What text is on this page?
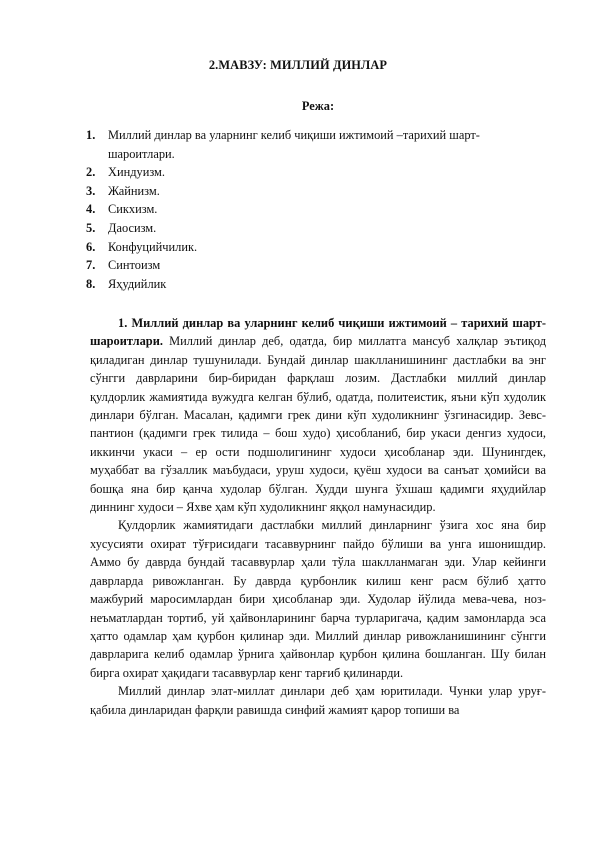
2.МАВЗУ: МИЛЛИЙ ДИНЛАР
Режа:
1.	Миллий динлар ва уларнинг келиб чиқиши ижтимоий –тарихий шарт-шароитлари.
2.	Хиндуизм.
3.	Жайнизм.
4.	Сикхизм.
5.	Даосизм.
6.	Конфуцийчилик.
7.	Синтоизм
8.	Яҳудийлик

1. Миллий динлар ва уларнинг келиб чиқиши ижтимоий – тарихий шарт-шароитлари. Миллий динлар деб, одатда, бир миллатга мансуб халқлар эътиқод қиладиган динлар тушунилади. Бундай динлар шаклланишининг дастлабки ва энг сўнгги даврларини бир-биридан фарқлаш лозим. Дастлабки миллий динлар қулдорлик жамиятида вужудга келган бўлиб, одатда, политеистик, яъни кўп худолик динлари бўлган. Масалан, қадимги грек дини кўп худоликнинг ўзгинасидир. Зевс-пантион (қадимги грек тилида – бош худо) ҳисобланиб, бир укаси денгиз худоси, иккинчи укаси – ер ости подшолигининг худоси ҳисобланар эди. Шунингдек, муҳаббат ва гўзаллик маъбудаси, уруш худоси, қуёш худоси ва санъат ҳомийси ва бошқа яна бир қанча худолар бўлган. Худди шунга ўхшаш қадимги яҳудийлар диннинг худоси – Яхве ҳам кўп худоликнинг яққол намунасидир.

Қулдорлик жамиятидаги дастлабки миллий динларнинг ўзига хос яна бир хусусияти охират тўғрисидаги тасаввурнинг пайдо бўлиши ва унга ишонишдир. Аммо бу даврда бундай тасаввурлар ҳали тўла шаклланмаган эди. Улар кейинги даврларда ривожланган. Бу даврда қурбонлик килиш кенг расм бўлиб ҳатто мажбурий маросимлардан бири ҳисобланар эди. Худолар йўлида мева-чева, ноз-неъматлардан тортиб, уй ҳайвонларининг барча турларигача, қадим замонларда эса ҳатто одамлар ҳам қурбон қилинар эди. Миллий динлар ривожланишининг сўнгги даврларига келиб одамлар ўрнига ҳайвонлар қурбон қилина бошланган. Шу билан бирга охират ҳақидаги тасаввурлар кенг тарғиб қилинарди.

Миллий динлар элат-миллат динлари деб ҳам юритилади. Чунки улар уруғ-қабила динларидан фарқли равишда синфий жамият қарор топиши ва
